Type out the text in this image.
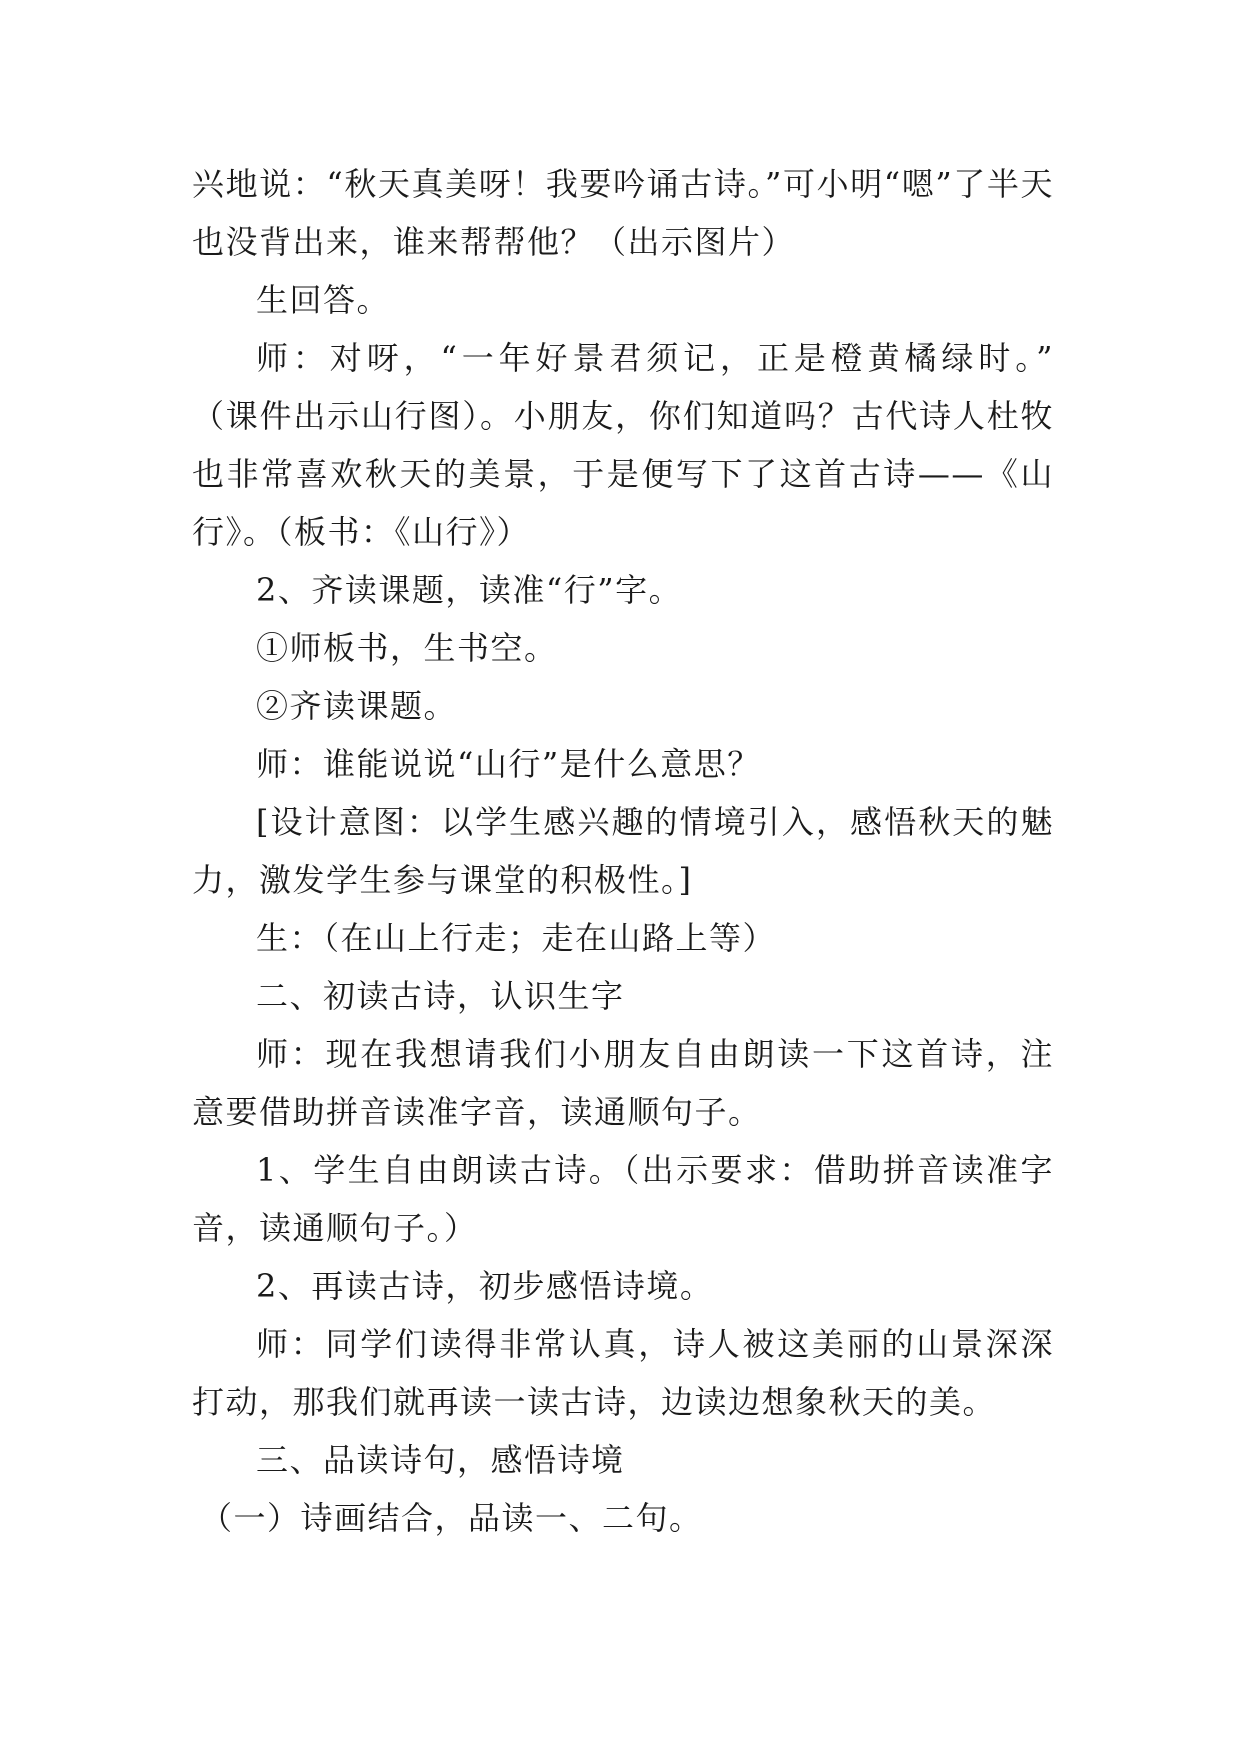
兴地说：“秋天真美呀！我要吟诵古诗。”可小明“嗯”了半天也没背出来，谁来帮帮他？（出示图片）

生回答。

师：对呀，“一年好景君须记，正是橙黄橘绿时。” （课件出示山行图）。小朋友，你们知道吗？古代诗人杜牧也非常喜欢秋天的美景，于是便写下了这首古诗——《山行》。（板书：《山行》）

2、齐读课题，读准“行”字。

①师板书，生书空。

②齐读课题。

师：谁能说说“山行”是什么意思？

[设计意图：以学生感兴趣的情境引入，感悟秋天的魅力，激发学生参与课堂的积极性。]

生：（在山上行走；走在山路上等）

二、初读古诗，认识生字

师：现在我想请我们小朋友自由朗读一下这首诗，注意要借助拼音读准字音，读通顺句子。

1、学生自由朗读古诗。（出示要求：借助拼音读准字音，读通顺句子。）

2、再读古诗，初步感悟诗境。

师：同学们读得非常认真，诗人被这美丽的山景深深打动，那我们就再读一读古诗，边读边想象秋天的美。

三、品读诗句，感悟诗境

（一）诗画结合，品读一、二句。
